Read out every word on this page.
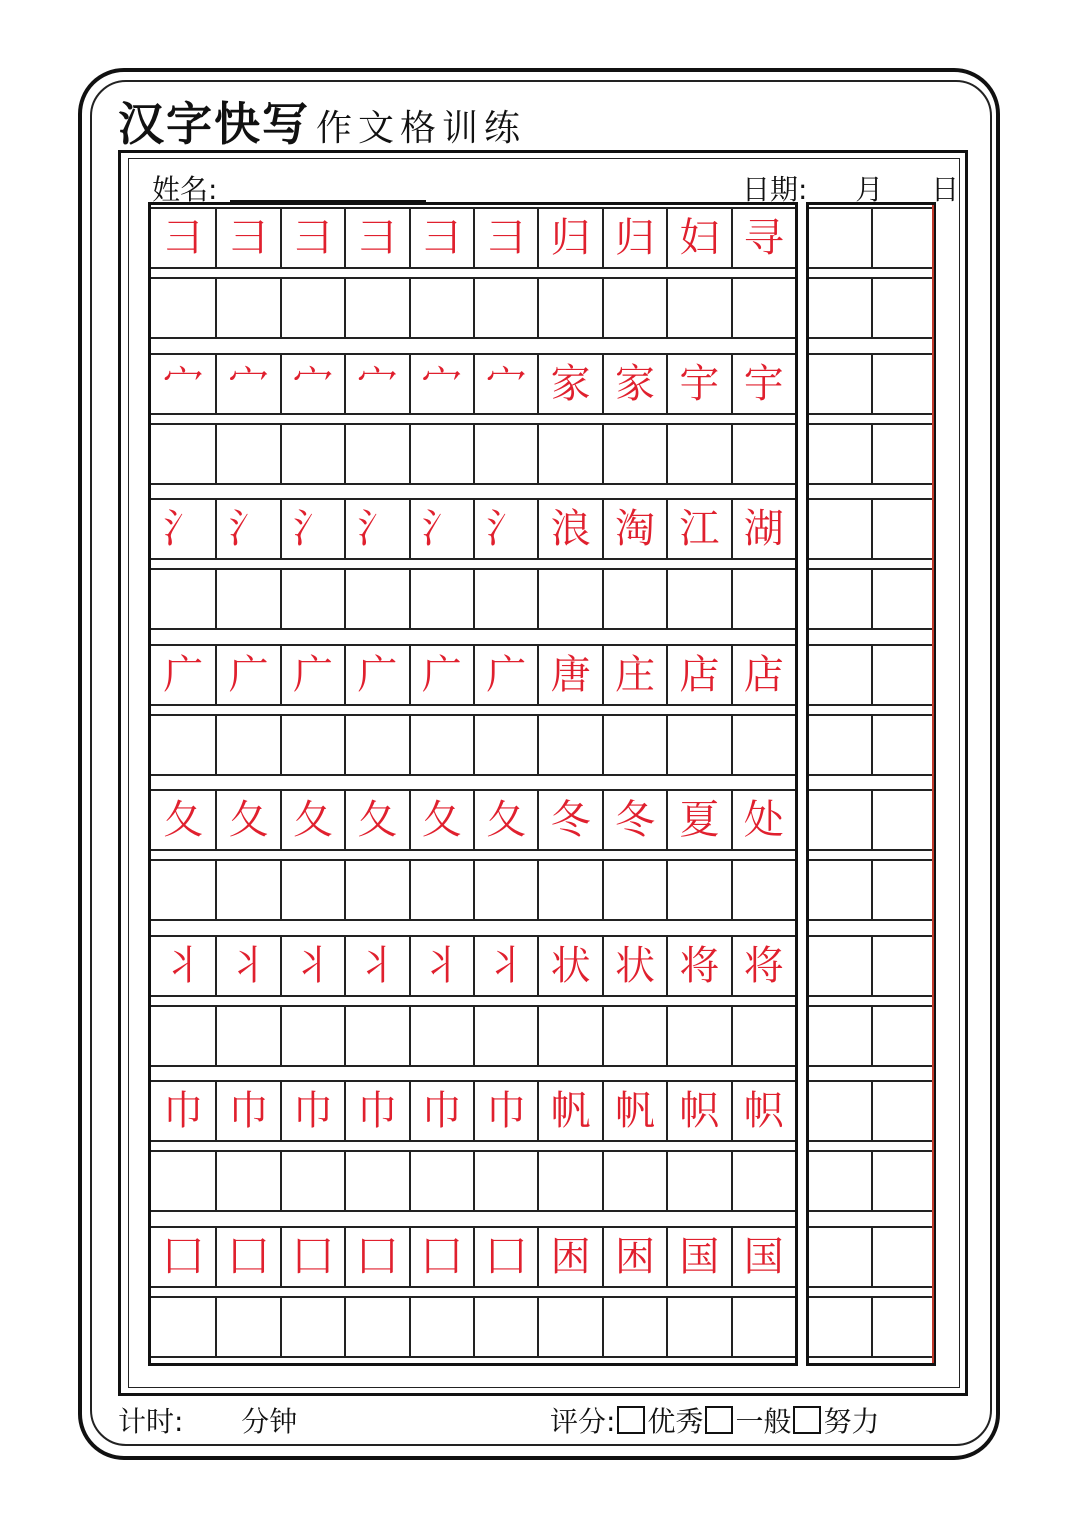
汉字快写 作文格训练
姓名:	日期: 月 日
彐 彐 彐 彐 彐 彐 归 归 妇 寻
宀 宀 宀 宀 宀 宀 家 家 宇 宇
氵 氵 氵 氵 氵 氵 浪 淘 江 湖
广 广 广 广 广 广 唐 庄 店 店
夂 夂 夂 夂 夂 夂 冬 冬 夏 处
丬 丬 丬 丬 丬 丬 状 状 将 将
巾 巾 巾 巾 巾 巾 帆 帆 帜 帜
囗 囗 囗 囗 囗 囗 困 困 国 国
计时: 分钟	评分: 优秀 一般 努力
